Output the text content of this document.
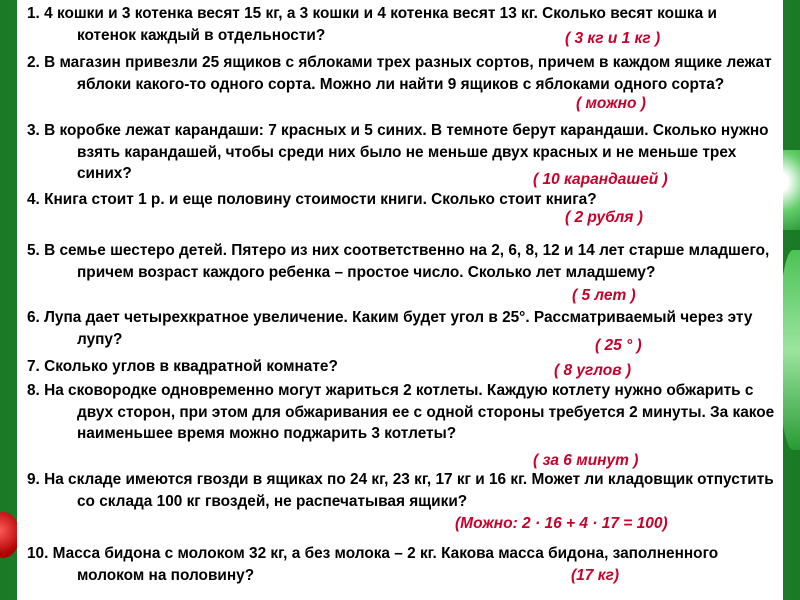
1. 4 кошки и 3 котенка весят 15 кг, а 3 кошки и 4 котенка весят 13 кг. Сколько весят кошка и котенок каждый в отдельности?	( 3 кг и 1 кг )

2. В магазин привезли 25 ящиков с яблоками трех разных сортов, причем в каждом ящике лежат яблоки какого-то одного сорта. Можно ли найти 9 ящиков с яблоками одного сорта?

( можно )

3. В коробке лежат карандаши: 7 красных и 5 синих. В темноте берут карандаши. Сколько нужно взять карандашей, чтобы среди них было не меньше двух красных и не меньше трех синих?	( 10 карандашей )

4. Книга стоит 1 р. и еще половину стоимости книги. Сколько стоит книга?

( 2 рубля )

5. В семье шестеро детей. Пятеро из них соответственно на 2, 6, 8, 12 и 14 лет старше младшего, причем возраст каждого ребенка – простое число. Сколько лет младшему?

( 5 лет )

6. Лупа дает четырехкратное увеличение. Каким будет угол в 25°. Рассматриваемый через эту лупу?	( 25 ° )

7. Сколько углов в квадратной комнате?	( 8 углов )

8. На сковородке одновременно могут жариться 2 котлеты. Каждую котлету нужно обжарить с двух сторон, при этом для обжаривания ее с одной стороны требуется 2 минуты. За какое наименьшее время можно поджарить 3 котлеты?

( за 6 минут )

9. На складе имеются гвозди в ящиках по 24 кг, 23 кг, 17 кг и 16 кг. Может ли кладовщик отпустить со склада 100 кг гвоздей, не распечатывая ящики?

(Можно: 2 · 16 + 4 · 17 = 100)

10. Масса бидона с молоком 32 кг, а без молока – 2 кг. Какова масса бидона, заполненного молоком на половину?	(17 кг)
